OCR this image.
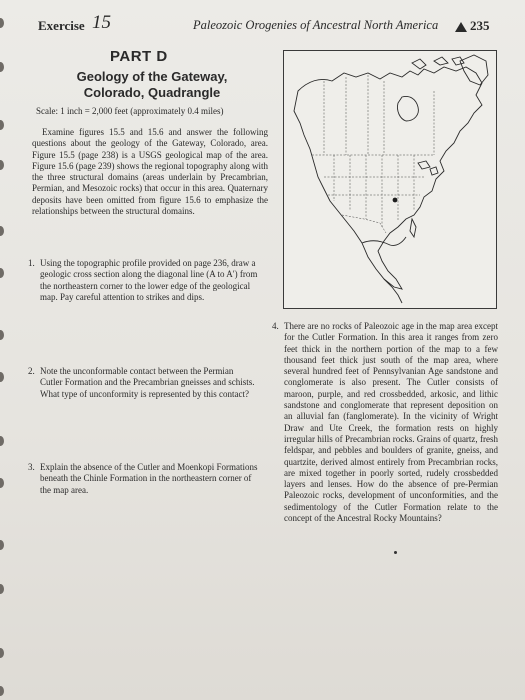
Exercise 15	Paleozoic Orogenies of Ancestral North America 235
PART D
Geology of the Gateway,
Colorado, Quadrangle
Scale: 1 inch = 2,000 feet (approximately 0.4 miles)

Examine figures 15.5 and 15.6 and answer the following questions about the geology of the Gateway, Colorado, area. Figure 15.5 (page 238) is a USGS geological map of the area. Figure 15.6 (page 239) shows the regional topography along with the three structural domains (areas underlain by Precambrian, Permian, and Mesozoic rocks) that occur in this area. Quaternary deposits have been omitted from figure 15.6 to emphasize the relationships between the structural domains.

1. Using the topographic profile provided on page 236, draw a geologic cross section along the diagonal line (A to A′) from the northeastern corner to the lower edge of the geological map. Pay careful attention to strikes and dips.
2. Note the unconformable contact between the Permian Cutler Formation and the Precambrian gneisses and schists. What type of unconformity is represented by this contact?
3. Explain the absence of the Cutler and Moenkopi Formations beneath the Chinle Formation in the northeastern corner of the map area.
4. There are no rocks of Paleozoic age in the map area except for the Cutler Formation. In this area it ranges from zero feet thick in the northern portion of the map to a few thousand feet thick just south of the map area, where several hundred feet of Pennsylvanian Age sandstone and conglomerate is also present. The Cutler consists of maroon, purple, and red crossbedded, arkosic, and lithic sandstone and conglomerate that represent deposition on an alluvial fan (fanglomerate). In the vicinity of Wright Draw and Ute Creek, the formation rests on highly irregular hills of Precambrian rocks. Grains of quartz, fresh feldspar, and pebbles and boulders of granite, gneiss, and quartzite, derived almost entirely from Precambrian rocks, are mixed together in poorly sorted, rudely crossbedded layers and lenses. How do the absence of pre-Permian Paleozoic rocks, development of unconformities, and the sedimentology of the Cutler Formation relate to the concept of the Ancestral Rocky Mountains?
